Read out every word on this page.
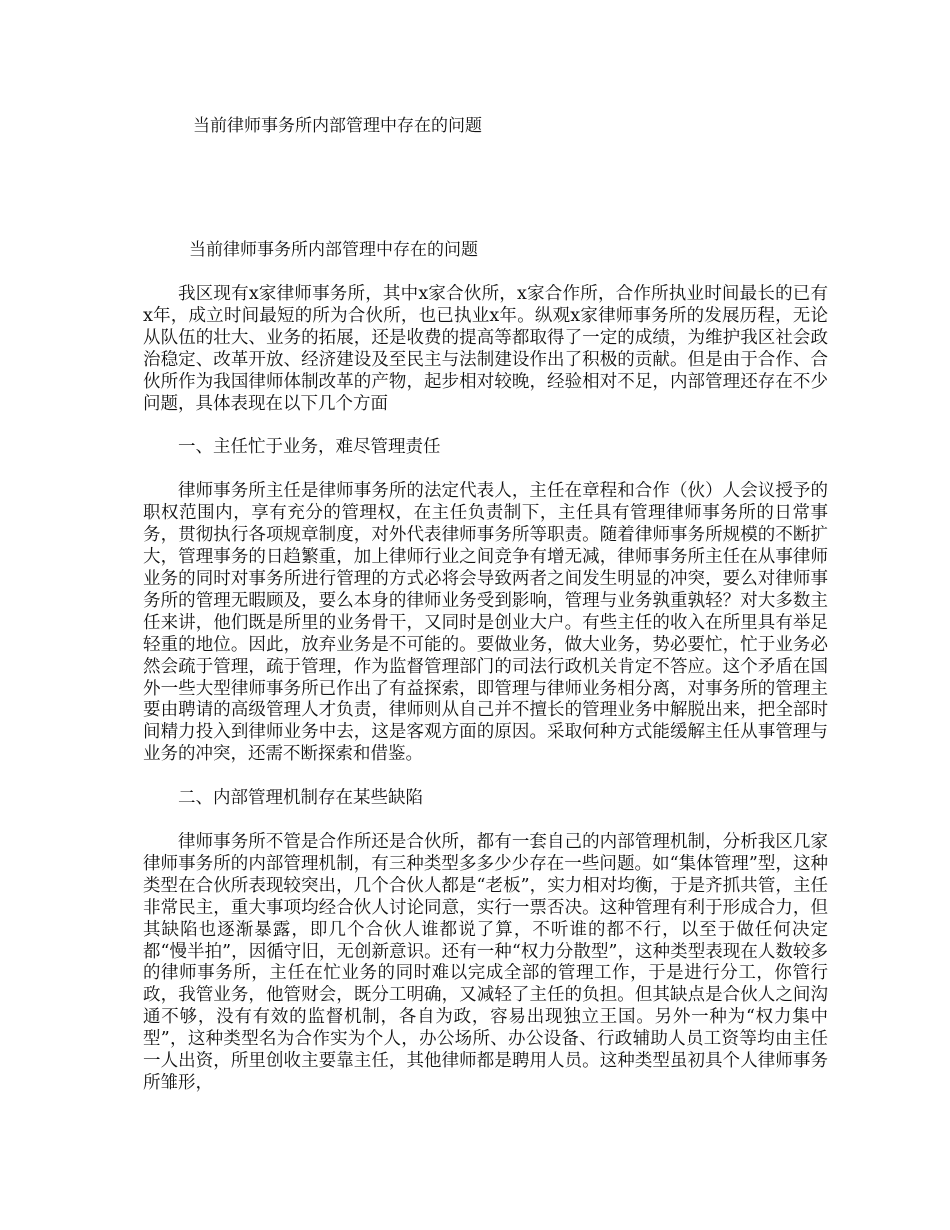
当前律师事务所内部管理中存在的问题
当前律师事务所内部管理中存在的问题

我区现有x家律师事务所，其中x家合伙所，x家合作所，合作所执业时间最长的已有x年，成立时间最短的所为合伙所，也已执业x年。纵观x家律师事务所的发展历程，无论从队伍的壮大、业务的拓展，还是收费的提高等都取得了一定的成绩，为维护我区社会政治稳定、改革开放、经济建设及至民主与法制建设作出了积极的贡献。但是由于合作、合伙所作为我国律师体制改革的产物，起步相对较晚，经验相对不足，内部管理还存在不少问题，具体表现在以下几个方面

一、主任忙于业务，难尽管理责任

律师事务所主任是律师事务所的法定代表人，主任在章程和合作（伙）人会议授予的职权范围内，享有充分的管理权，在主任负责制下，主任具有管理律师事务所的日常事务，贯彻执行各项规章制度，对外代表律师事务所等职责。随着律师事务所规模的不断扩大，管理事务的日趋繁重，加上律师行业之间竞争有增无减，律师事务所主任在从事律师业务的同时对事务所进行管理的方式必将会导致两者之间发生明显的冲突，要么对律师事务所的管理无暇顾及，要么本身的律师业务受到影响，管理与业务孰重孰轻？对大多数主任来讲，他们既是所里的业务骨干，又同时是创业大户。有些主任的收入在所里具有举足轻重的地位。因此，放弃业务是不可能的。要做业务，做大业务，势必要忙，忙于业务必然会疏于管理，疏于管理，作为监督管理部门的司法行政机关肯定不答应。这个矛盾在国外一些大型律师事务所已作出了有益探索，即管理与律师业务相分离，对事务所的管理主要由聘请的高级管理人才负责，律师则从自己并不擅长的管理业务中解脱出来，把全部时间精力投入到律师业务中去，这是客观方面的原因。采取何种方式能缓解主任从事管理与业务的冲突，还需不断探索和借鉴。

二、内部管理机制存在某些缺陷

律师事务所不管是合作所还是合伙所，都有一套自己的内部管理机制，分析我区几家律师事务所的内部管理机制，有三种类型多多少少存在一些问题。如“集体管理”型，这种类型在合伙所表现较突出，几个合伙人都是“老板”，实力相对均衡，于是齐抓共管，主任非常民主，重大事项均经合伙人讨论同意，实行一票否决。这种管理有利于形成合力，但其缺陷也逐渐暴露，即几个合伙人谁都说了算，不听谁的都不行，以至于做任何决定都“慢半拍”，因循守旧，无创新意识。还有一种“权力分散型”，这种类型表现在人数较多的律师事务所，主任在忙业务的同时难以完成全部的管理工作，于是进行分工，你管行政，我管业务，他管财会，既分工明确，又减轻了主任的负担。但其缺点是合伙人之间沟通不够，没有有效的监督机制，各自为政，容易出现独立王国。另外一种为“权力集中型”，这种类型名为合作实为个人，办公场所、办公设备、行政辅助人员工资等均由主任一人出资，所里创收主要靠主任，其他律师都是聘用人员。这种类型虽初具个人律师事务所雏形，
